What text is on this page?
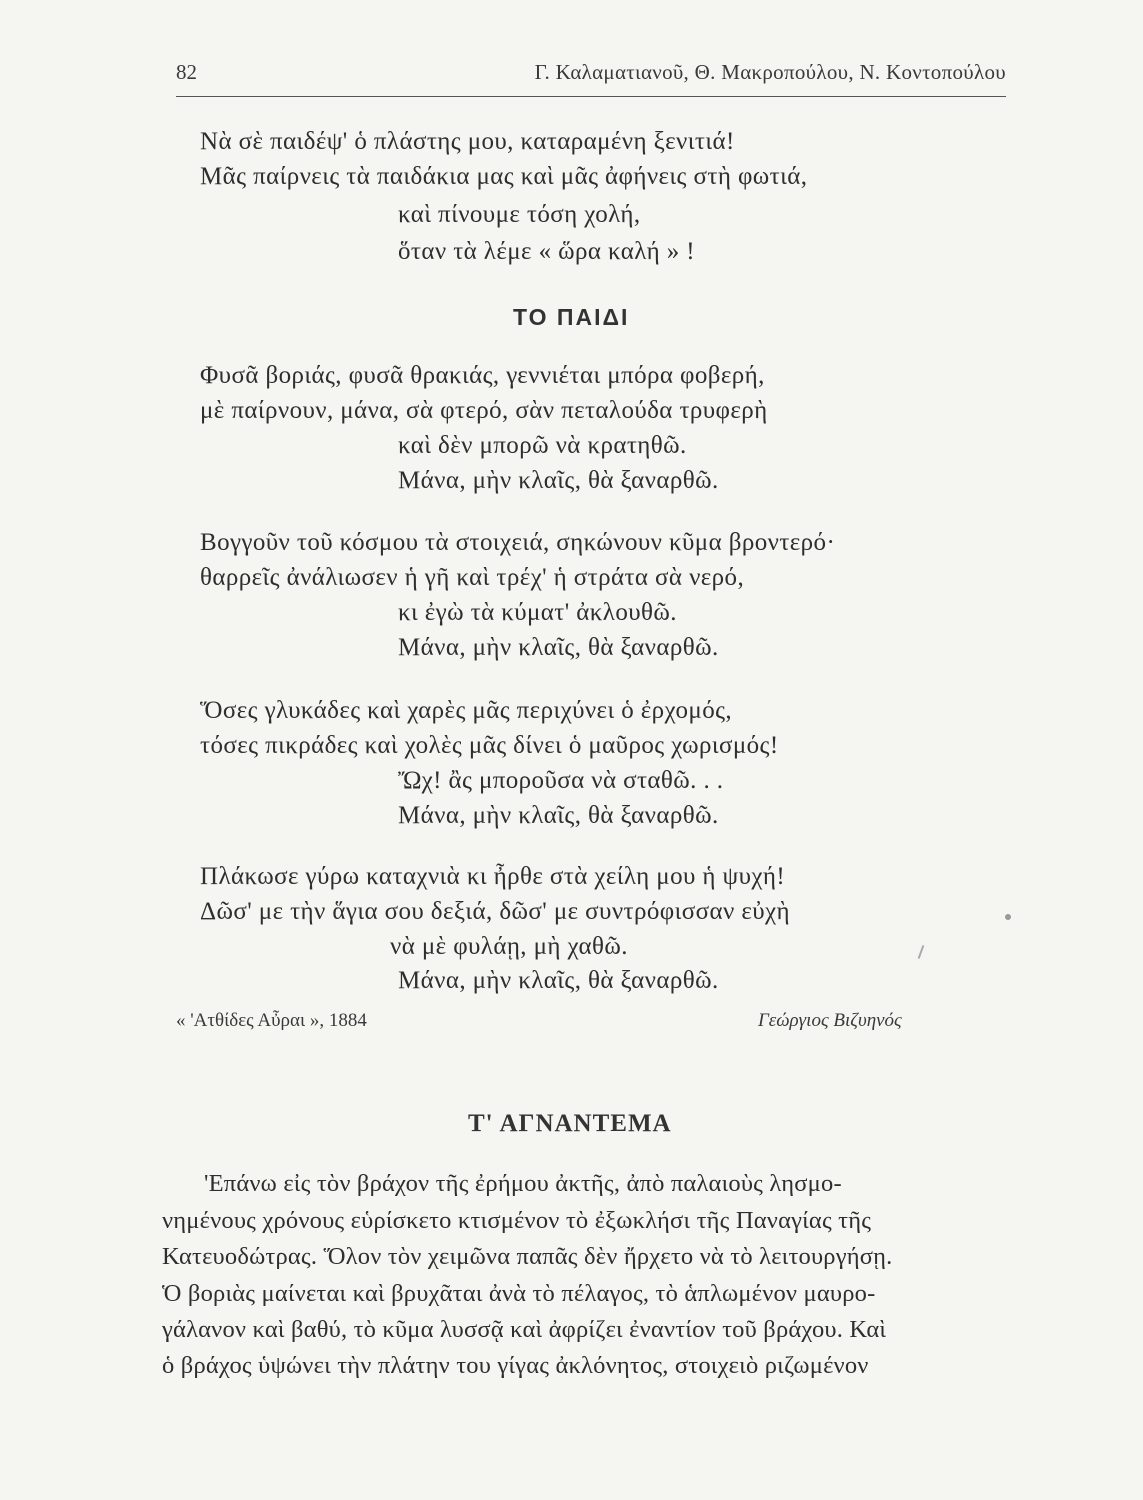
82	Γ. Καλαματιανοῦ, Θ. Μακροπούλου, Ν. Κοντοπούλου
Νὰ σὲ παιδέψ' ὁ πλάστης μου, καταραμένη ξενιτιά!
Μᾶς παίρνεις τὰ παιδάκια μας καὶ μᾶς ἀφήνεις στὴ φωτιά,
καὶ πίνουμε τόση χολή,
ὅταν τὰ λέμε « ὥρα καλή » !
ΤΟ ΠΑΙΔΙ
Φυσᾶ βοριάς, φυσᾶ θρακιάς, γεννιέται μπόρα φοβερή,
μὲ παίρνουν, μάνα, σὰ φτερό, σὰν πεταλούδα τρυφερὴ
καὶ δὲν μπορῶ νὰ κρατηθῶ.
Μάνα, μὴν κλαῖς, θὰ ξαναρθῶ.
Βογγοῦν τοῦ κόσμου τὰ στοιχειά, σηκώνουν κῦμα βροντερό·
θαρρεῖς ἀνάλιωσεν ἡ γῆ καὶ τρέχ' ἡ στράτα σὰ νερό,
κι ἐγὼ τὰ κύματ' ἀκλουθῶ.
Μάνα, μὴν κλαῖς, θὰ ξαναρθῶ.
Ὅσες γλυκάδες καὶ χαρὲς μᾶς περιχύνει ὁ ἐρχομός,
τόσες πικράδες καὶ χολὲς μᾶς δίνει ὁ μαῦρος χωρισμός!
Ὤχ! ἂς μποροῦσα νὰ σταθῶ. . .
Μάνα, μὴν κλαῖς, θὰ ξαναρθῶ.
Πλάκωσε γύρω καταχνιὰ κι ἦρθε στὰ χείλη μου ἡ ψυχή!
Δῶσ' με τὴν ἅγια σου δεξιά, δῶσ' με συντρόφισσαν εὐχὴ
νὰ μὲ φυλάῃ, μὴ χαθῶ.
Μάνα, μὴν κλαῖς, θὰ ξαναρθῶ.
« 'Ατθίδες Αὖραι », 1884	Γεώργιος Βιζυηνός
Τ' ΑΓΝΑΝΤΕΜΑ
'Επάνω εἰς τὸν βράχον τῆς ἐρήμου ἀκτῆς, ἀπὸ παλαιοὺς λησμο-
νημένους χρόνους εὑρίσκετο κτισμένον τὸ ἐξωκλήσι τῆς Παναγίας τῆς
Κατευοδώτρας. Ὅλον τὸν χειμῶνα παπᾶς δὲν ἤρχετο νὰ τὸ λειτουργήσῃ.
Ὁ βοριὰς μαίνεται καὶ βρυχᾶται ἀνὰ τὸ πέλαγος, τὸ ἁπλωμένον μαυρο-
γάλανον καὶ βαθύ, τὸ κῦμα λυσσᾷ καὶ ἀφρίζει ἐναντίον τοῦ βράχου. Καὶ
ὁ βράχος ὑψώνει τὴν πλάτην του γίγας ἀκλόνητος, στοιχειὸ ριζωμένον
